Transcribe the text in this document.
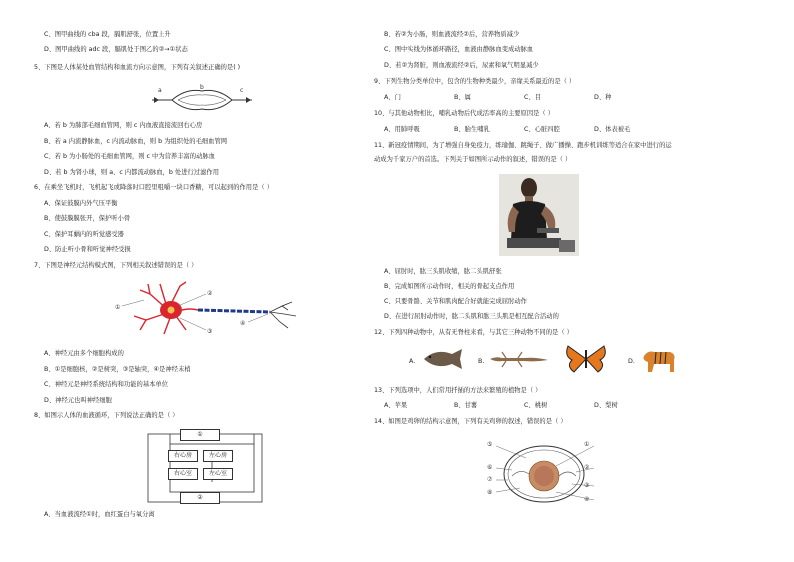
C、图甲曲线的 cba 段，膈肌舒张，位置上升
D、图甲曲线的 adc 段，膈肌处于图乙的②→①状态
5、下图是人体某处血管结构和血流方向示意图，下列有关叙述正确的是( )
a	b	c
A、若 b 为肺部毛细血管网，则 c 内血液直接流回右心房
B、若 a 内流静脉血，c 内流动脉血，则 b 为组织处的毛细血管网
C、若 b 为小肠处的毛细血管网，则 c 中为营养丰富的动脉血
D、若 b 为肾小球，则 a、c 内都流动脉血，b 处进行过滤作用
6、在乘坐飞机时，飞机起飞或降落时口腔里咀嚼一块口香糖，可以起到的作用是（ ）
A、保证鼓膜内外气压平衡
B、使鼓膜膜张开，保护听小骨
C、保护耳蜗内的听觉感受器
D、防止听小骨和听觉神经受损
7、下图是神经元结构模式图，下列相关叙述错误的是（ ）
①
②
③
④
A、神经元由多个细胞构成的
B、①是细胞核，②是树突，③是轴突，④是神经末梢
C、神经元是神经系统结构和功能的基本单位
D、神经元也叫神经细胞
8、如图示人体的血液循环，下列说法正确的是（ ）
①
右心房	左心房
右心室	左心室
②
A、当血液流经①时，血红蛋白与氧分离
B、若②为小肠，则血液流经②后，营养物质减少
C、图中实线为体循环路径，血液由静脉血变成动脉血
D、若②为肾脏，则血液流经②后，尿素和氧气明显减少
9、下列生物分类单位中，包含的生物种类最少，亲缘关系最近的是（ ）
A、门	B、属	C、目	D、种
10、与其他动物相比，哺乳动物后代成活率高的主要原因是（ ）
A、用肺呼吸	B、胎生哺乳	C、心脏四腔	D、体表被毛
11、新冠疫情期间，为了增强自身免疫力，练瑜伽、跳绳子、做广播操、跑步机训练等适合在家中进行的运
动成为千家万户的首选。下列关于如图所示动作的叙述，错误的是（ ）
A、屈肘时，肱三头肌收缩，肱二头肌舒张
B、完成如图所示动作时，相关的骨起支点作用
C、只要骨骼、关节和肌肉配合好就能完成屈肘动作
D、在进行屈肘动作时，肱二头肌和肱三头肌是相互配合活动的
12、下列四种动物中，从有无脊柱来看，与其它三种动物不同的是（ ）
A.	B.	D.
13、下列选项中，人们常用扦插的方法来繁殖的植物是（ ）
A、苹果	B、甘薯	C、桃树	D、梨树
14、如图是鸡卵的结构示意图，下列有关鸡卵的叙述，错误的是（ ）
⑤
⑥
⑦
⑧
①
②
③
④
